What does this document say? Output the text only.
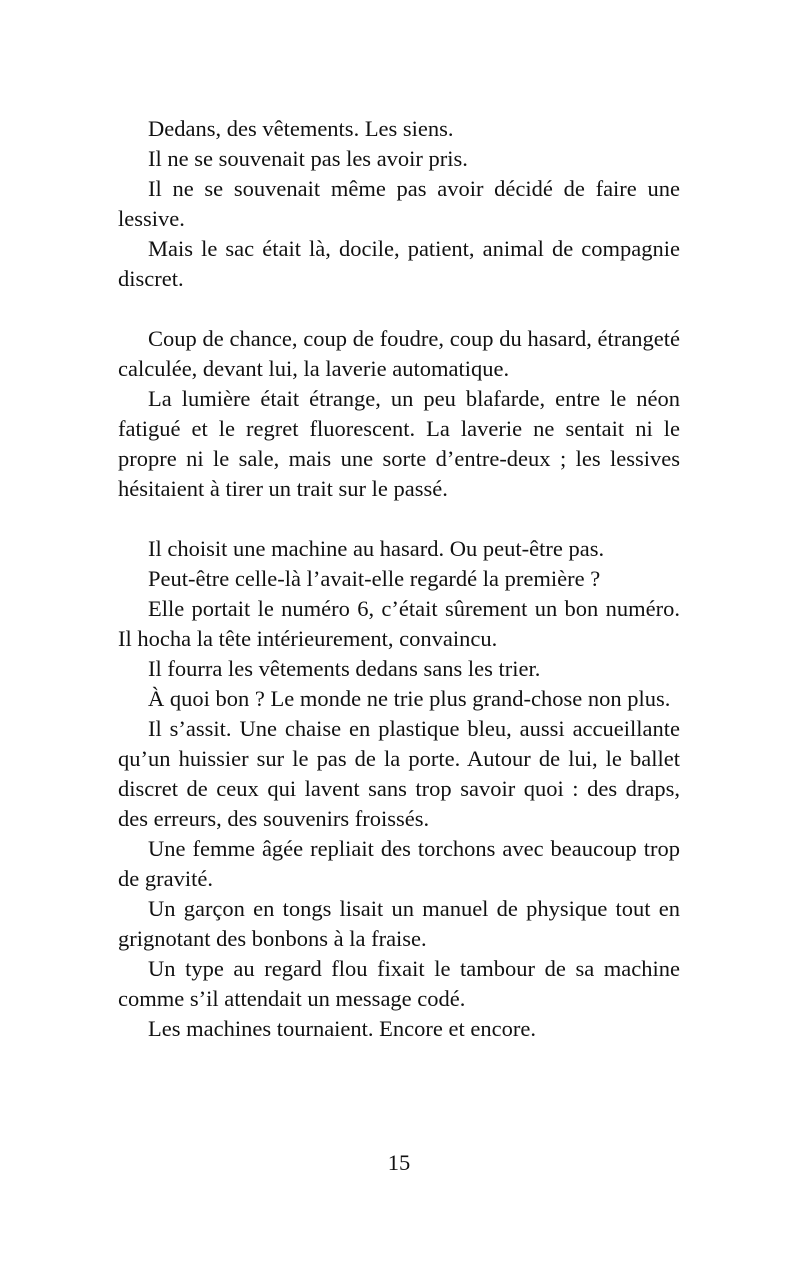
Dedans, des vêtements. Les siens.

Il ne se souvenait pas les avoir pris.

Il ne se souvenait même pas avoir décidé de faire une lessive.

Mais le sac était là, docile, patient, animal de compagnie discret.

Coup de chance, coup de foudre, coup du hasard, étrangeté calculée, devant lui, la laverie automatique.

La lumière était étrange, un peu blafarde, entre le néon fatigué et le regret fluorescent. La laverie ne sentait ni le propre ni le sale, mais une sorte d’entre-deux ; les lessives hésitaient à tirer un trait sur le passé.

Il choisit une machine au hasard. Ou peut-être pas.

Peut-être celle-là l’avait-elle regardé la première ?

Elle portait le numéro 6, c’était sûrement un bon numéro. Il hocha la tête intérieurement, convaincu.

Il fourra les vêtements dedans sans les trier.

À quoi bon ? Le monde ne trie plus grand-chose non plus.

Il s’assit. Une chaise en plastique bleu, aussi accueillante qu’un huissier sur le pas de la porte. Autour de lui, le ballet discret de ceux qui lavent sans trop savoir quoi : des draps, des erreurs, des souvenirs froissés.

Une femme âgée repliait des torchons avec beaucoup trop de gravité.

Un garçon en tongs lisait un manuel de physique tout en grignotant des bonbons à la fraise.

Un type au regard flou fixait le tambour de sa machine comme s’il attendait un message codé.

Les machines tournaient. Encore et encore.

15
